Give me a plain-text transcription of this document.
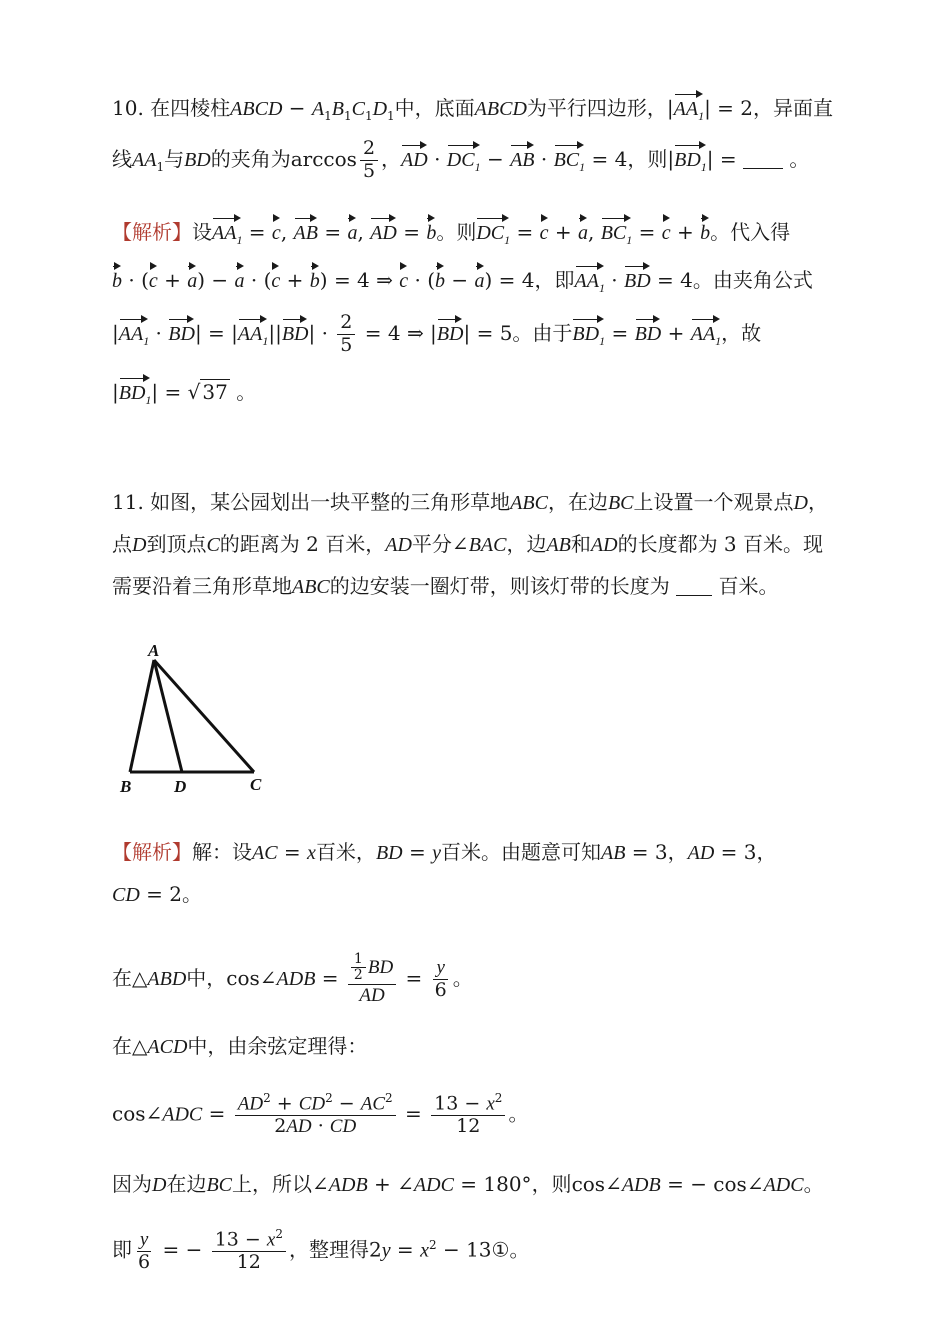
10. 在四棱柱ABCD − $A_1B_1C_1D_1$中，底面ABCD为平行四边形，$|AA_1| = 2$，异面直
线$AA_1$与BD的夹角为$\arccos \frac{2}{5}$ ，AD · $DC_1$ − AB · $BC_1 = 4$，则$|BD_1|$ =  。
【解析】设$AA_1 = c$, AB = a, AD = b。则$DC_1 = c + a$, $BC_1 = c + b$。代入得
b · (c + a) − a · (c + b) = 4 ⇒ c · (b − a) = 4，即$AA_1$ · BD = 4。由夹角公式
$|AA_1 \cdot BD| = |AA_1||BD| \cdot \frac{2}{5} = 4$ ⇒ |BD| = 5。由于$BD_1$ = BD + $AA_1$，故
$|BD_1|$ = √ 37 。
11. 如图，某公园划出一块平整的三角形草地ABC，在边BC上设置一个观景点D，
点D到顶点C的距离为 2 百米，AD平分∠BAC，边AB和AD的长度都为 3 百米。现
需要沿着三角形草地ABC的边安装一圈灯带，则该灯带的长度为 百米。
A
B	D	C
【解析】解：设AC = x百米，BD = y百米。由题意可知AB = 3，AD = 3，
CD = 2。
在△ABD中，cos∠ADB = $\frac{\frac{1}{2} BD}{AD} = \frac{y}{6}$ 。
在△ACD中，由余弦定理得：
cos∠ADC = $\frac{AD^2 + CD^2 - AC^2}{2AD \cdot CD} = \frac{13 - x^2}{12}$ 。
因为D在边BC上，所以∠ADB + ∠ADC = 180°，则cos∠ADB = − cos∠ADC。
即 $\frac{y}{6}$ = − $\frac{13 - x^2}{12}$ ，整理得$2y = x^2$ − 13①。
